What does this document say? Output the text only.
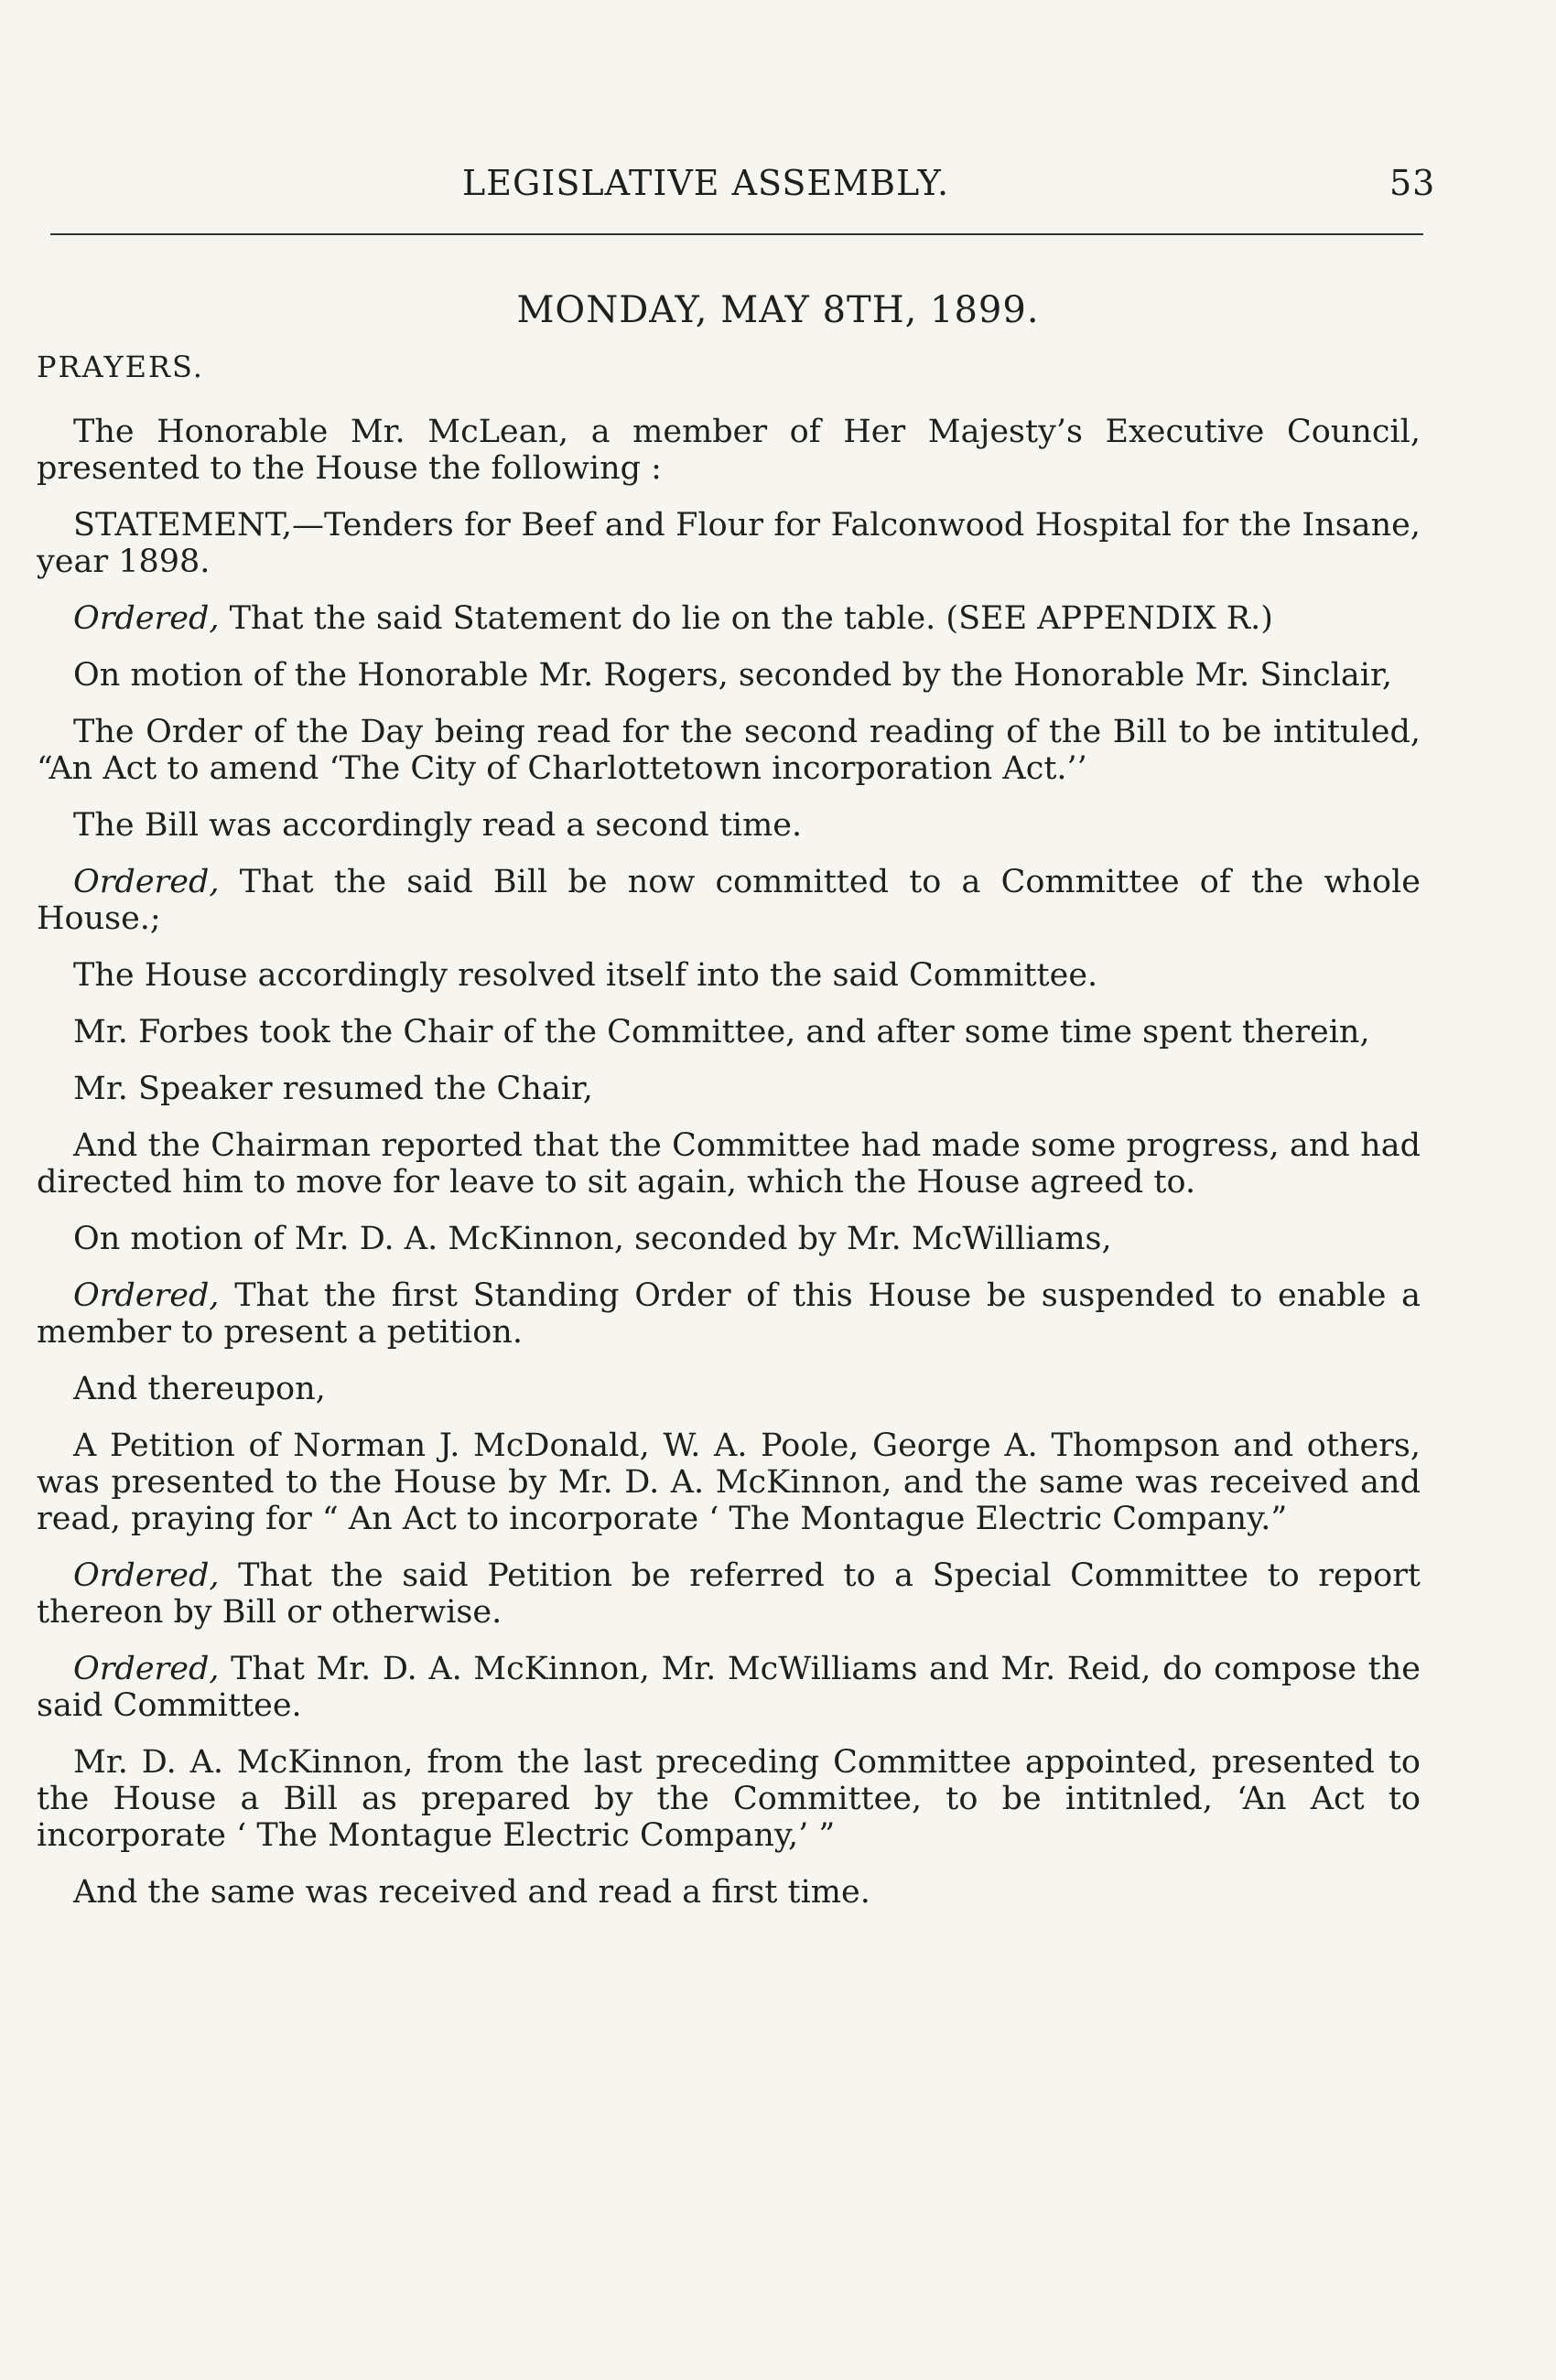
LEGISLATIVE ASSEMBLY.	53
MONDAY, MAY 8TH, 1899.
PRAYERS.

The Honorable Mr. McLean, a member of Her Majesty’s Executive Council, presented to the House the following :

STATEMENT,—Tenders for Beef and Flour for Falconwood Hospital for the Insane, year 1898.

Ordered, That the said Statement do lie on the table. (SEE APPENDIX R.)

On motion of the Honorable Mr. Rogers, seconded by the Honorable Mr. Sinclair,

The Order of the Day being read for the second reading of the Bill to be intituled, “An Act to amend ‘The City of Charlottetown incorporation Act.’’

The Bill was accordingly read a second time.

Ordered, That the said Bill be now committed to a Committee of the whole House.;

The House accordingly resolved itself into the said Committee.

Mr. Forbes took the Chair of the Committee, and after some time spent therein,

Mr. Speaker resumed the Chair,

And the Chairman reported that the Committee had made some progress, and had directed him to move for leave to sit again, which the House agreed to.

On motion of Mr. D. A. McKinnon, seconded by Mr. McWilliams,

Ordered, That the first Standing Order of this House be suspended to enable a member to present a petition.

And thereupon,

A Petition of Norman J. McDonald, W. A. Poole, George A. Thompson and others, was presented to the House by Mr. D. A. McKinnon, and the same was received and read, praying for “ An Act to incorporate ‘ The Montague Electric Company.”

Ordered, That the said Petition be referred to a Special Committee to report thereon by Bill or otherwise.

Ordered, That Mr. D. A. McKinnon, Mr. McWilliams and Mr. Reid, do compose the said Committee.

Mr. D. A. McKinnon, from the last preceding Committee appointed, presented to the House a Bill as prepared by the Committee, to be intitnled, ‘An Act to incorporate ‘ The Montague Electric Company,’ ”

And the same was received and read a first time.
